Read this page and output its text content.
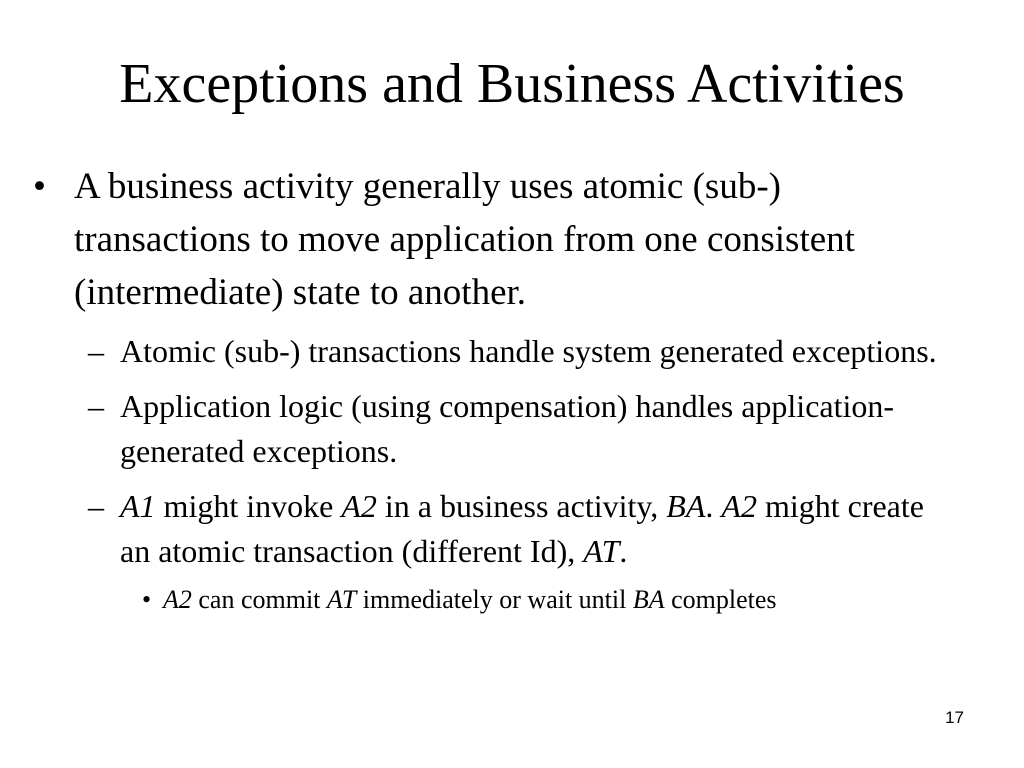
Exceptions and Business Activities
• A business activity generally uses atomic (sub-) transactions to move application from one consistent (intermediate) state to another.
– Atomic (sub-) transactions handle system generated exceptions.
– Application logic (using compensation) handles application-generated exceptions.
– A1 might invoke A2 in a business activity, BA. A2 might create an atomic transaction (different Id), AT.
• A2 can commit AT immediately or wait until BA completes
17
